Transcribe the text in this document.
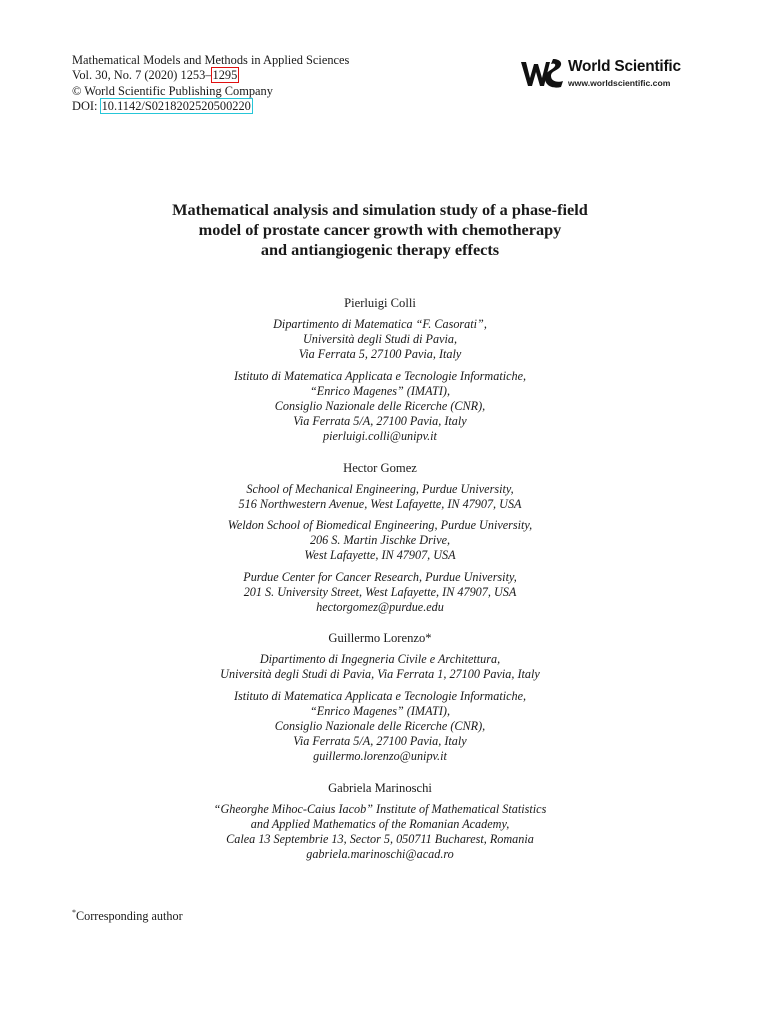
Mathematical Models and Methods in Applied Sciences
Vol. 30, No. 7 (2020) 1253–1295
© World Scientific Publishing Company
DOI: 10.1142/S0218202520500220
World Scientific
www.worldscientific.com
Mathematical analysis and simulation study of a phase-field
model of prostate cancer growth with chemotherapy
and antiangiogenic therapy effects
Pierluigi Colli
Dipartimento di Matematica “F. Casorati”,
Università degli Studi di Pavia,
Via Ferrata 5, 27100 Pavia, Italy
Istituto di Matematica Applicata e Tecnologie Informatiche,
“Enrico Magenes” (IMATI),
Consiglio Nazionale delle Ricerche (CNR),
Via Ferrata 5/A, 27100 Pavia, Italy
pierluigi.colli@unipv.it
Hector Gomez
School of Mechanical Engineering, Purdue University,
516 Northwestern Avenue, West Lafayette, IN 47907, USA
Weldon School of Biomedical Engineering, Purdue University,
206 S. Martin Jischke Drive,
West Lafayette, IN 47907, USA
Purdue Center for Cancer Research, Purdue University,
201 S. University Street, West Lafayette, IN 47907, USA
hectorgomez@purdue.edu
Guillermo Lorenzo*
Dipartimento di Ingegneria Civile e Architettura,
Università degli Studi di Pavia, Via Ferrata 1, 27100 Pavia, Italy
Istituto di Matematica Applicata e Tecnologie Informatiche,
“Enrico Magenes” (IMATI),
Consiglio Nazionale delle Ricerche (CNR),
Via Ferrata 5/A, 27100 Pavia, Italy
guillermo.lorenzo@unipv.it
Gabriela Marinoschi
“Gheorghe Mihoc-Caius Iacob” Institute of Mathematical Statistics
and Applied Mathematics of the Romanian Academy,
Calea 13 Septembrie 13, Sector 5, 050711 Bucharest, Romania
gabriela.marinoschi@acad.ro
*Corresponding author
